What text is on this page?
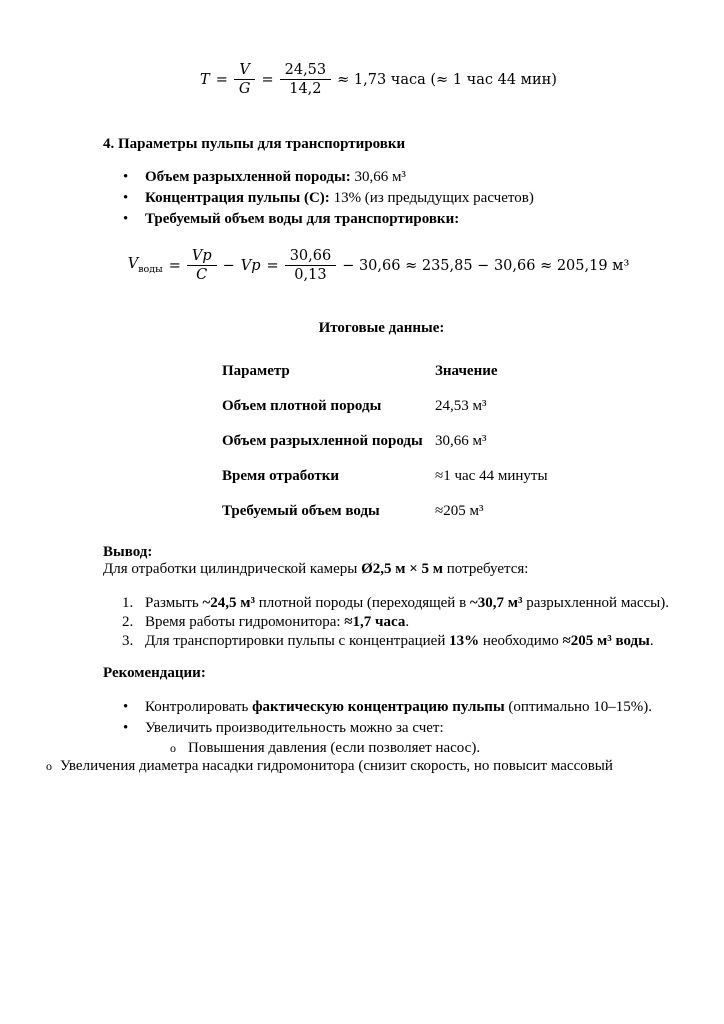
$T = \frac{V}{G} = \frac{24,53}{14,2} \approx 1,73$ часа (≈ 1 час 44 мин)
4. Параметры пульпы для транспортировки
•	Объем разрыхленной породы: 30,66 м³
•	Концентрация пульпы (С): 13% (из предыдущих расчетов)
•	Требуемый объем воды для транспортировки:
$V_{воды} = \frac{Vp}{C} - Vp = \frac{30,66}{0,13} - 30,66 \approx 235,85 - 30,66 \approx 205,19$ м³
Итоговые данные:
Параметр	Значение
Объем плотной породы	24,53 м³
Объем разрыхленной породы 30,66 м³
Время отработки	≈1 час 44 минуты
Требуемый объем воды	≈205 м³
Вывод:
Для отработки цилиндрической камеры Ø2,5 м × 5 м потребуется:
1. Размыть ~24,5 м³ плотной породы (переходящей в ~30,7 м³ разрыхленной массы).
2. Время работы гидромонитора: ≈1,7 часа.
3. Для транспортировки пульпы с концентрацией 13% необходимо ≈205 м³ воды.
Рекомендации:
•	Контролировать фактическую концентрацию пульпы (оптимально 10–15%).
•	Увеличить производительность можно за счет:
o Повышения давления (если позволяет насос).
o Увеличения диаметра насадки гидромонитора (снизит скорость, но повысит массовый
